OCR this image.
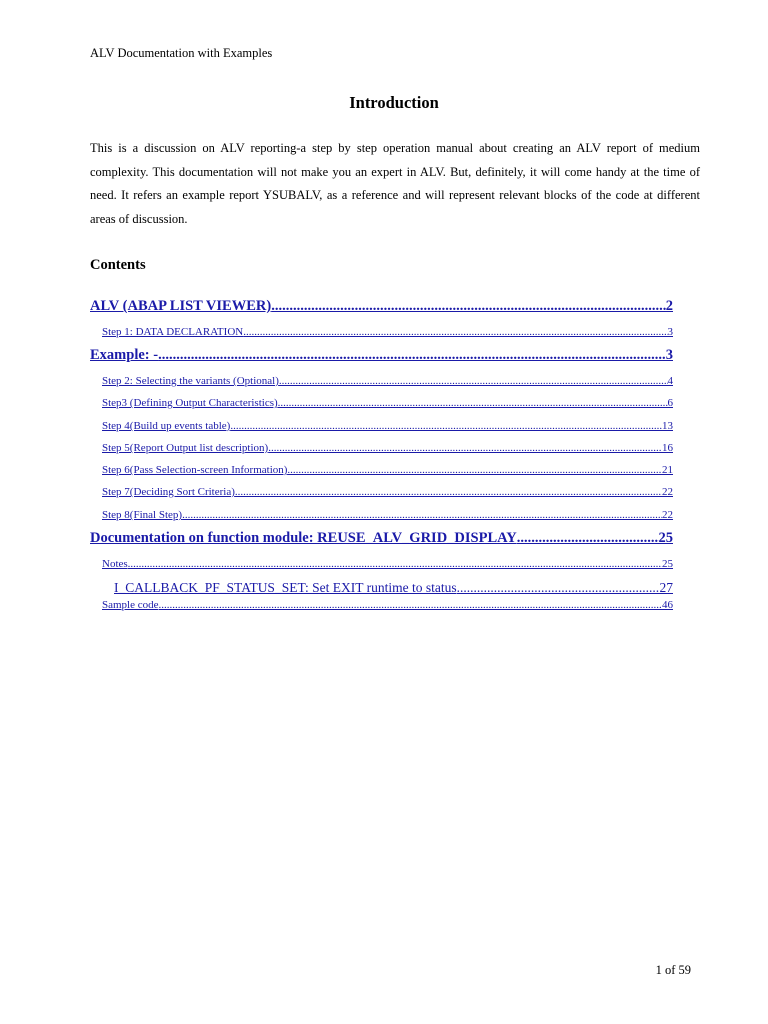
ALV Documentation with Examples
Introduction

This is a discussion on ALV reporting-a step by step operation manual about creating an ALV report of medium complexity. This documentation will not make you an expert in ALV. But, definitely, it will come handy at the time of need. It refers an example report YSUBALV, as a reference and will represent relevant blocks of the code at different areas of discussion.

Contents
ALV (ABAP LIST VIEWER) .....	2
Step 1: DATA DECLARATION .....	3
Example: - .....	3
Step 2: Selecting the variants (Optional) .....	4
Step3 (Defining Output Characteristics) .....	6
Step 4(Build up events table) .....	13
Step 5(Report Output list description) .....	16
Step 6(Pass Selection-screen Information) .....	21
Step 7(Deciding Sort Criteria) .....	22
Step 8(Final Step) .....	22
Documentation on function module: REUSE_ALV_GRID_DISPLAY .....	25
Notes .....	25
I_CALLBACK_PF_STATUS_SET: Set EXIT runtime to status .....	27
Sample code .....	46
1 of 59
